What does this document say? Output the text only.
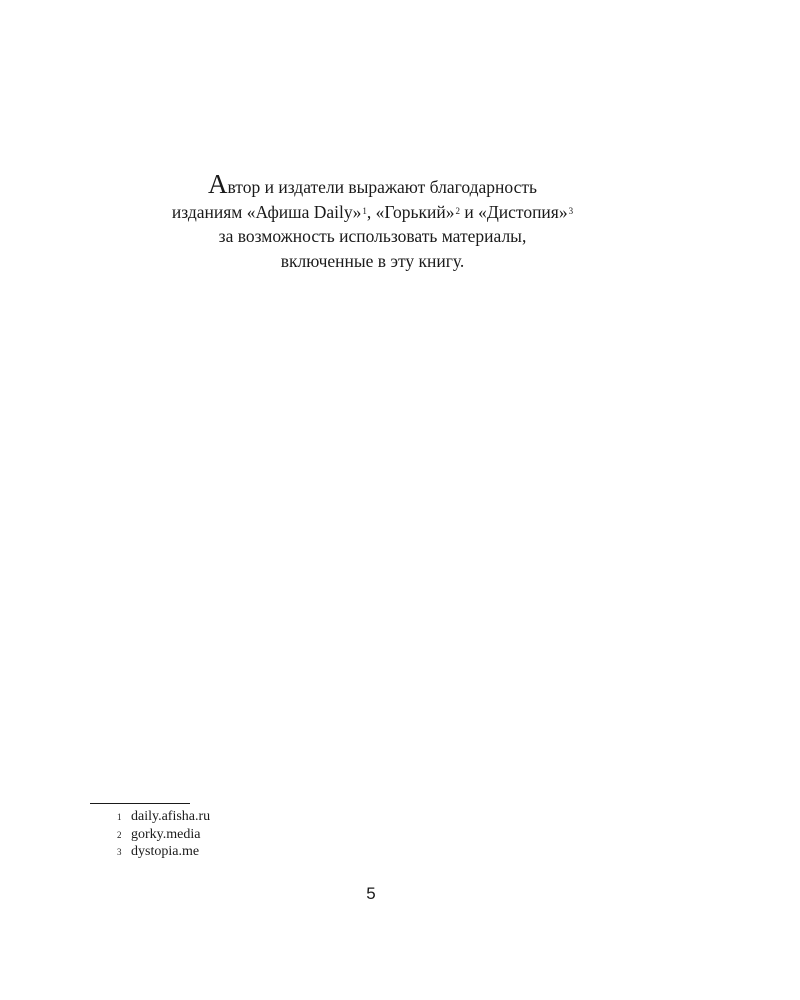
Автор и издатели выражают благодарность
изданиям «Афиша Daily»$^1$, «Горький»$^2$ и «Дистопия»$^3$
за возможность использовать материалы,
включенные в эту книгу.
1 daily.afisha.ru
2 gorky.media
3 dystopia.me
5
